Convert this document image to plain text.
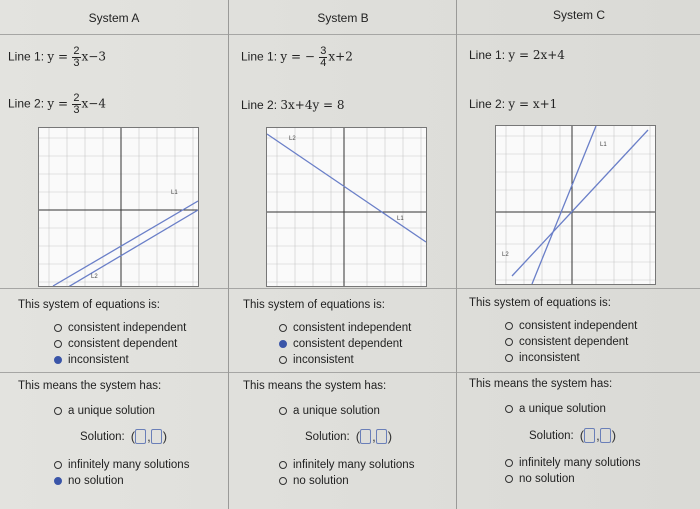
System A
Line 1: $y = \frac{2}{3} x-3$
Line 2: $y = \frac{2}{3} x-4$
L1
L2
This system of equations is:
consistent independent
consistent dependent
inconsistent
This means the system has:
a unique solution
Solution: ( , )
infinitely many solutions
no solution
System B
Line 1: y = − $\frac{3}{4} x+2$
Line 2: 3x+4y = 8
L2
L1
This system of equations is:
consistent independent
consistent dependent
inconsistent
This means the system has:
a unique solution
Solution: ( , )
infinitely many solutions
no solution
System C
Line 1: y = 2x+4
Line 2: y = x+1
L1
L2
This system of equations is:
consistent independent
consistent dependent
inconsistent
This means the system has:
a unique solution
Solution: ( , )
infinitely many solutions
no solution
